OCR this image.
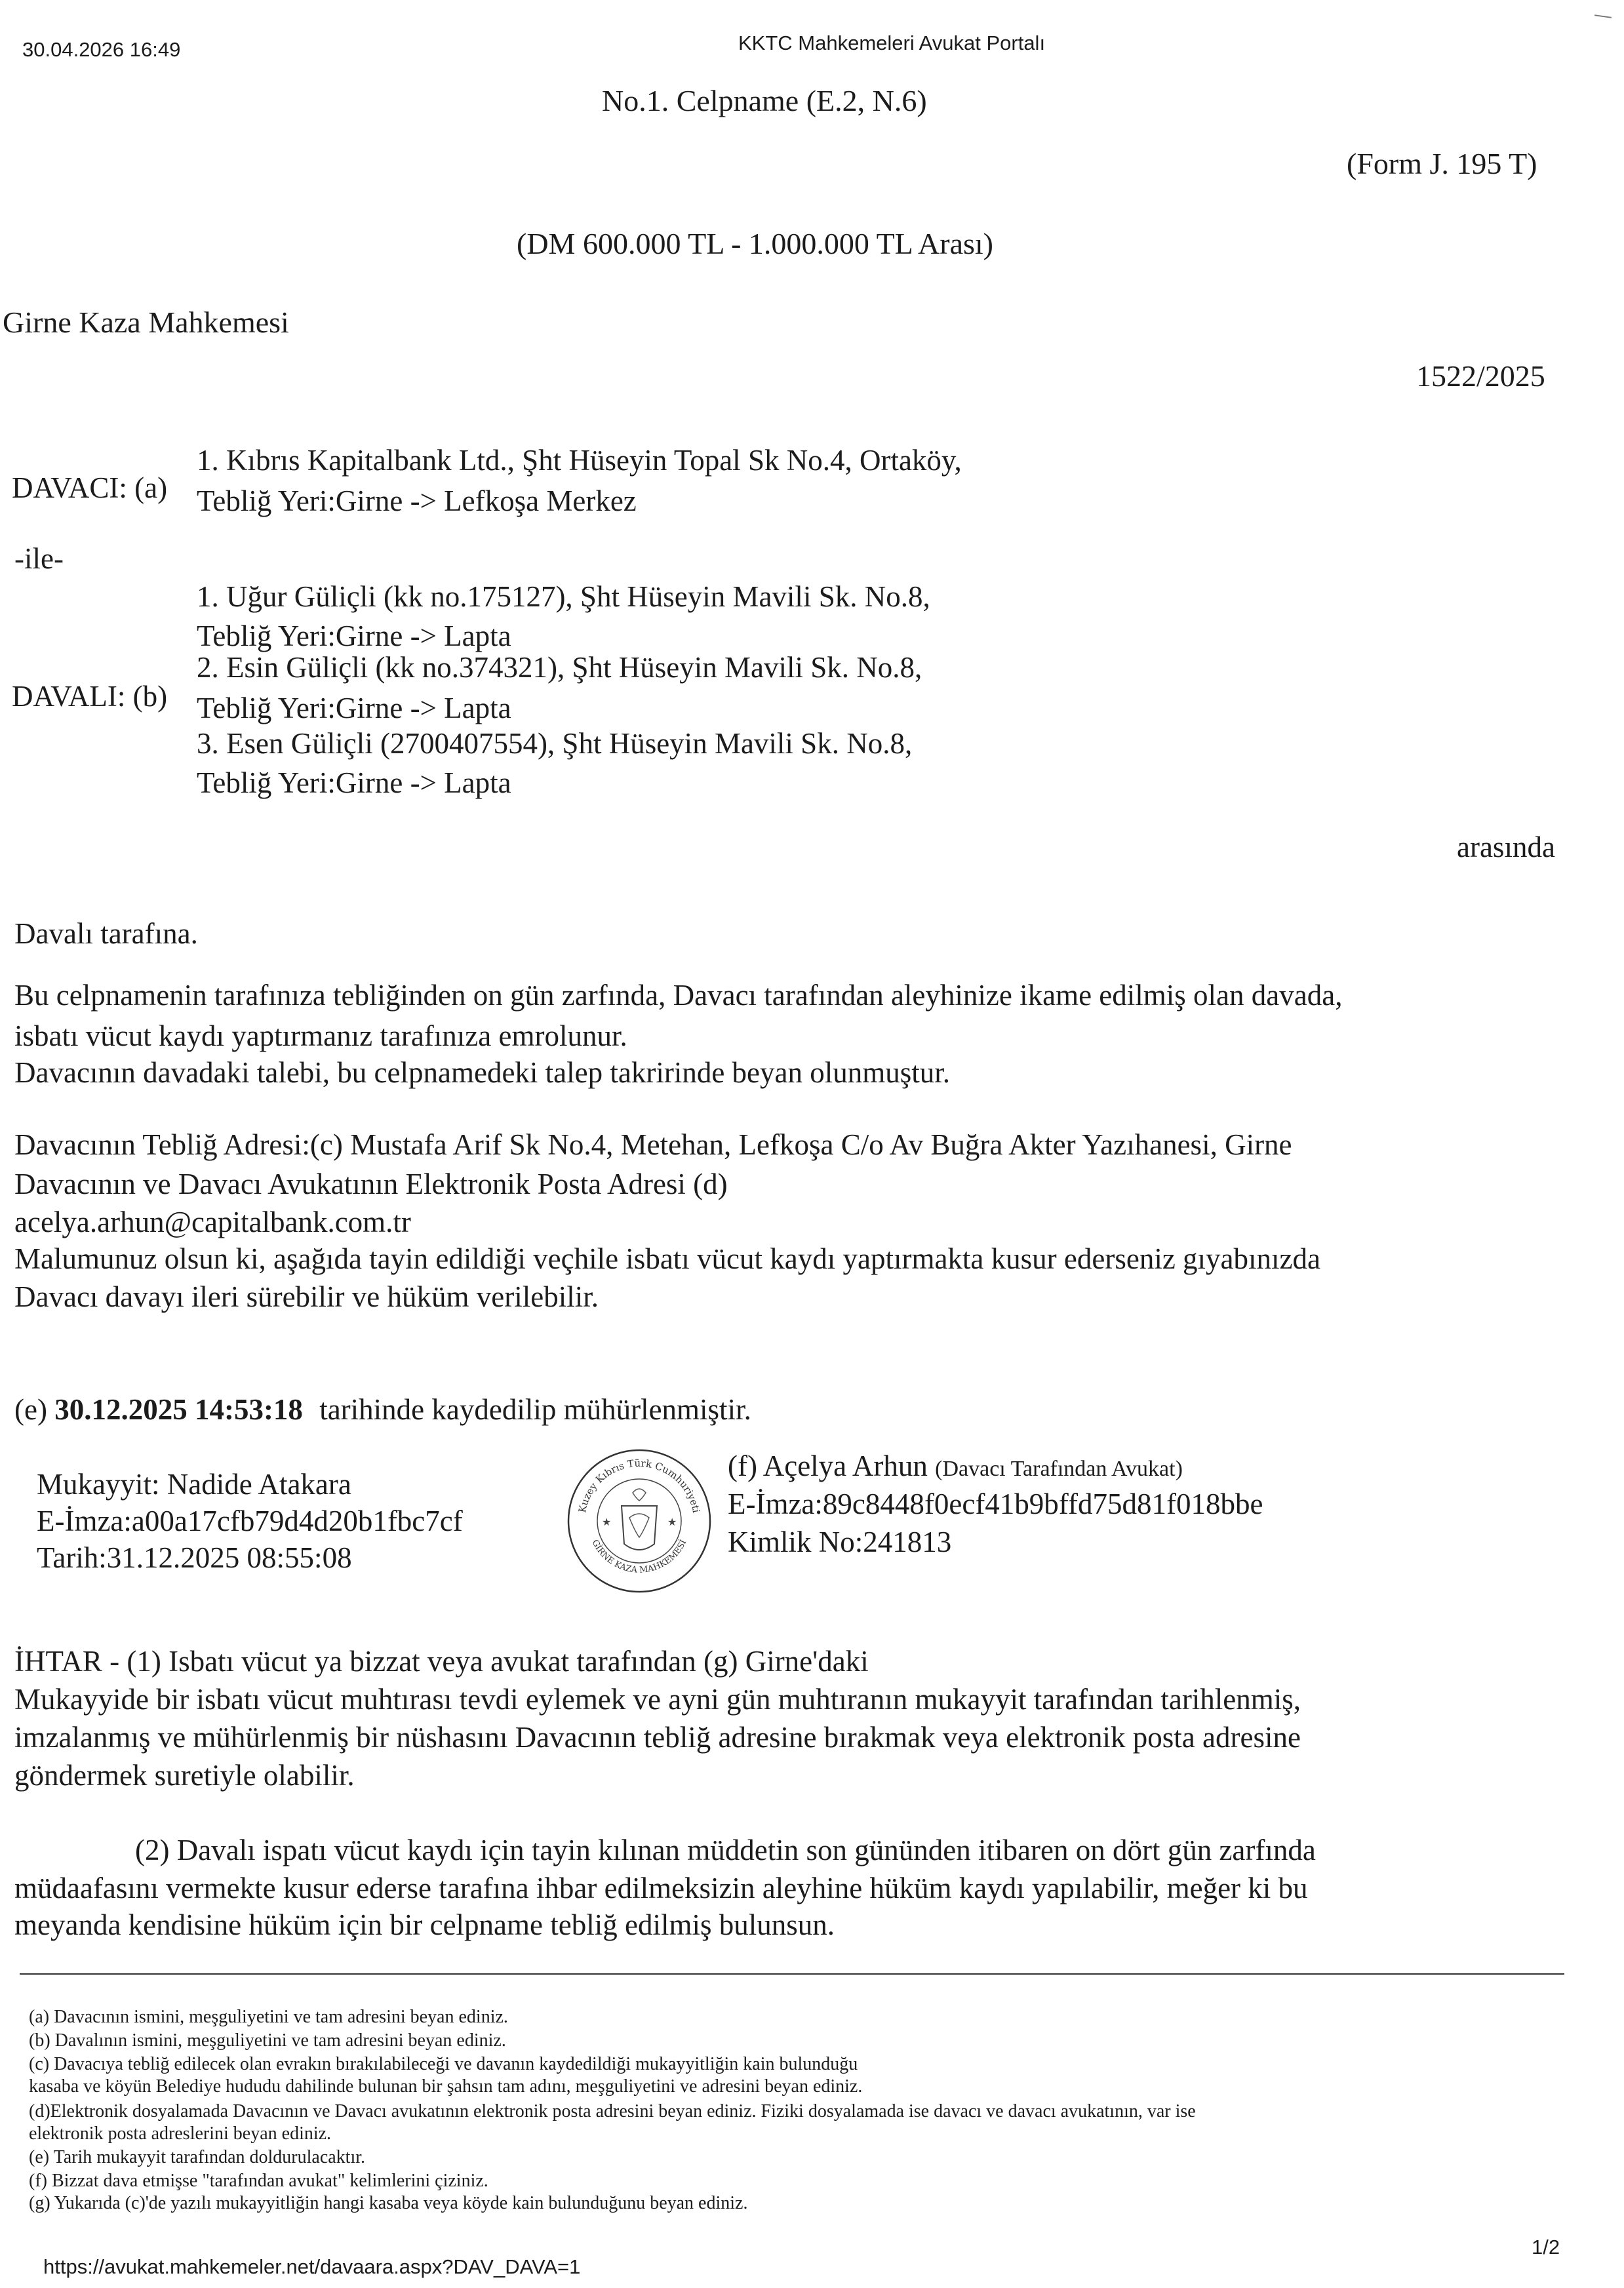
30.04.2026 16:49	KKTC Mahkemeleri Avukat Portalı
No.1. Celpname (E.2, N.6)
(Form J. 195 T)
(DM 600.000 TL - 1.000.000 TL Arası)
Girne Kaza Mahkemesi
1522/2025
DAVACI: (a)
1. Kıbrıs Kapitalbank Ltd., Şht Hüseyin Topal Sk No.4, Ortaköy,
Tebliğ Yeri:Girne -> Lefkoşa Merkez
-ile-
DAVALI: (b)
1. Uğur Güliçli (kk no.175127), Şht Hüseyin Mavili Sk. No.8,
Tebliğ Yeri:Girne -> Lapta
2. Esin Güliçli (kk no.374321), Şht Hüseyin Mavili Sk. No.8,
Tebliğ Yeri:Girne -> Lapta
3. Esen Güliçli (2700407554), Şht Hüseyin Mavili Sk. No.8,
Tebliğ Yeri:Girne -> Lapta
arasında
Davalı tarafına.
Bu celpnamenin tarafınıza tebliğinden on gün zarfında, Davacı tarafından aleyhinize ikame edilmiş olan davada,
isbatı vücut kaydı yaptırmanız tarafınıza emrolunur.
Davacının davadaki talebi, bu celpnamedeki talep takririnde beyan olunmuştur.
Davacının Tebliğ Adresi:(c) Mustafa Arif Sk No.4, Metehan, Lefkoşa C/o Av Buğra Akter Yazıhanesi, Girne
Davacının ve Davacı Avukatının Elektronik Posta Adresi (d)
acelya.arhun@capitalbank.com.tr
Malumunuz olsun ki, aşağıda tayin edildiği veçhile isbatı vücut kaydı yaptırmakta kusur ederseniz gıyabınızda
Davacı davayı ileri sürebilir ve hüküm verilebilir.
(e) 30.12.2025 14:53:18 tarihinde kaydedilip mühürlenmiştir.
Mukayyit: Nadide Atakara
E-İmza:a00a17cfb79d4d20b1fbc7cf
Tarih:31.12.2025 08:55:08
Kuzey Kıbrıs Türk Cumhuriyeti
GİRNE KAZA MAHKEMESİ
★	★
(f) Açelya Arhun (Davacı Tarafından Avukat)
E-İmza:89c8448f0ecf41b9bffd75d81f018bbe
Kimlik No:241813
İHTAR - (1) Isbatı vücut ya bizzat veya avukat tarafından (g) Girne'daki
Mukayyide bir isbatı vücut muhtırası tevdi eylemek ve ayni gün muhtıranın mukayyit tarafından tarihlenmiş,
imzalanmış ve mühürlenmiş bir nüshasını Davacının tebliğ adresine bırakmak veya elektronik posta adresine
göndermek suretiyle olabilir.
(2) Davalı ispatı vücut kaydı için tayin kılınan müddetin son gününden itibaren on dört gün zarfında
müdaafasını vermekte kusur ederse tarafına ihbar edilmeksizin aleyhine hüküm kaydı yapılabilir, meğer ki bu
meyanda kendisine hüküm için bir celpname tebliğ edilmiş bulunsun.
(a) Davacının ismini, meşguliyetini ve tam adresini beyan ediniz.
(b) Davalının ismini, meşguliyetini ve tam adresini beyan ediniz.
(c) Davacıya tebliğ edilecek olan evrakın bırakılabileceği ve davanın kaydedildiği mukayyitliğin kain bulunduğu
kasaba ve köyün Belediye hududu dahilinde bulunan bir şahsın tam adını, meşguliyetini ve adresini beyan ediniz.
(d)Elektronik dosyalamada Davacının ve Davacı avukatının elektronik posta adresini beyan ediniz. Fiziki dosyalamada ise davacı ve davacı avukatının, var ise
elektronik posta adreslerini beyan ediniz.
(e) Tarih mukayyit tarafından doldurulacaktır.
(f) Bizzat dava etmişse "tarafından avukat" kelimlerini çiziniz.
(g) Yukarıda (c)'de yazılı mukayyitliğin hangi kasaba veya köyde kain bulunduğunu beyan ediniz.
https://avukat.mahkemeler.net/davaara.aspx?DAV_DAVA=1
1/2
